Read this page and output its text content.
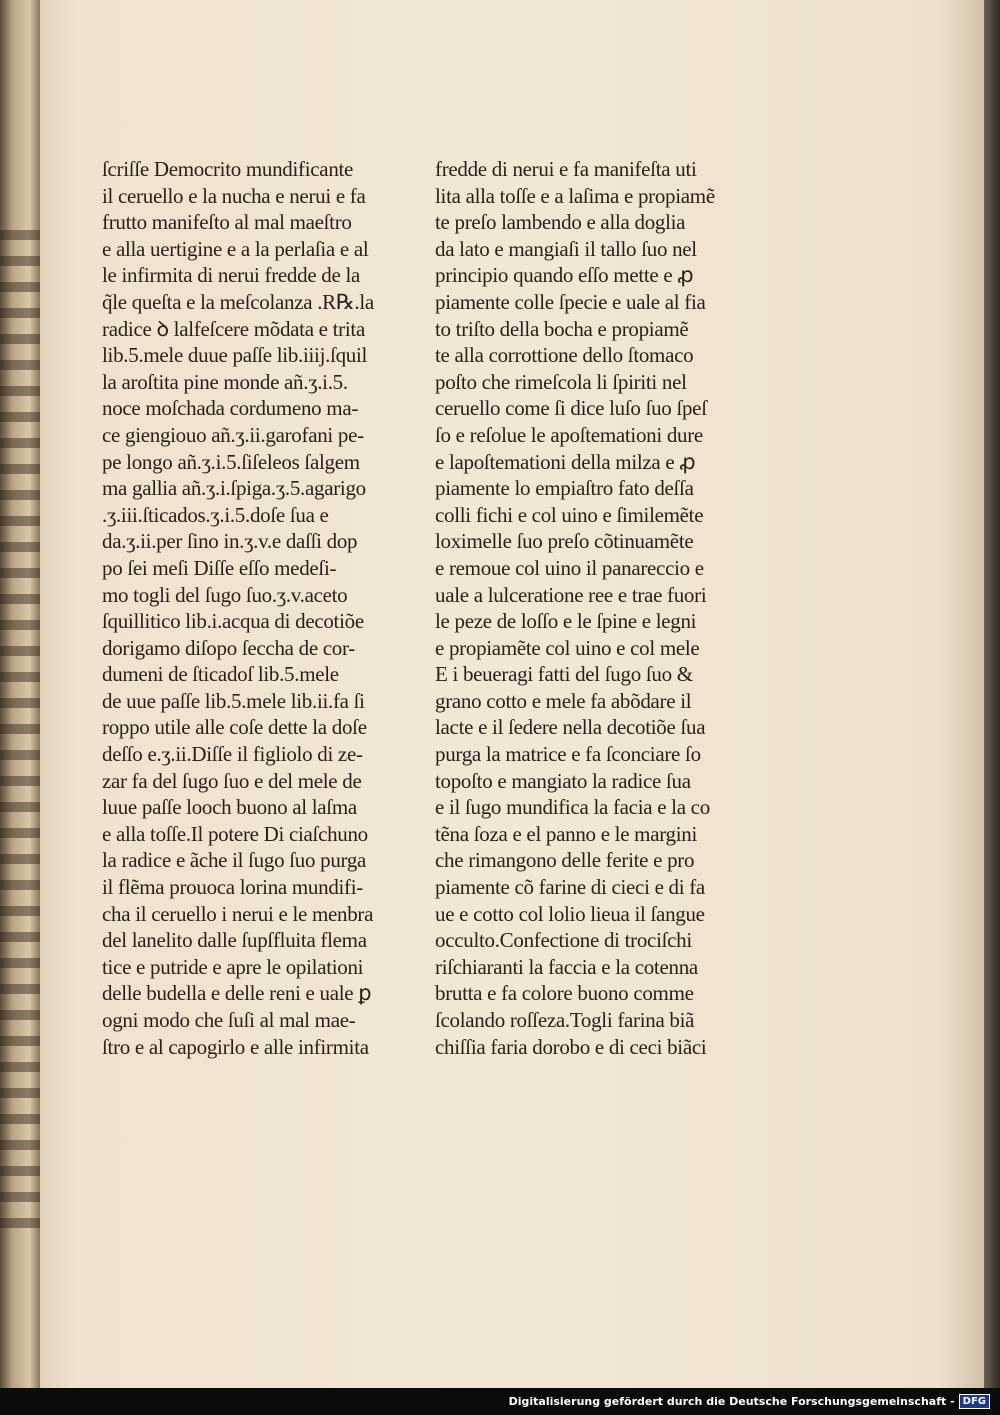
ſcriſſe Democrito mundificante
il ceruello e la nucha e nerui e fa
frutto manifeſto al mal maeſtro
e alla uertigine e a la perlaſia e al
le infirmita di nerui fredde de la
q̃le queſta e la meſcolanza .R℞.la
radice ꝺ lalfeſcere mõdata e trita
lib.5.mele duue paſſe lib.iiij.ſquil
la aroſtita pine monde añ.ʒ.i.5.
noce moſchada cordumeno ma-
ce giengiouo añ.ʒ.ii.garofani pe-
pe longo añ.ʒ.i.5.ſiſeleos ſalgem
ma gallia añ.ʒ.i.ſpiga.ʒ.5.agarigo
.ʒ.iii.ſticados.ʒ.i.5.doſe ſua e
da.ʒ.ii.per ſino in.ʒ.v.e daſſi dop
po ſei meſi Diſſe eſſo medeſi-
mo togli del ſugo ſuo.ʒ.v.aceto
ſquillitico lib.i.acqua di decotiõe
dorigamo diſopo ſeccha de cor-
dumeni de ſticadoſ lib.5.mele
de uue paſſe lib.5.mele lib.ii.fa ſi
roppo utile alle coſe dette la doſe
deſſo e.ʒ.ii.Diſſe il figliolo di ze-
zar fa del ſugo ſuo e del mele de
luue paſſe looch buono al laſma
e alla toſſe.Il potere Di ciaſchuno
la radice e ãche il ſugo ſuo purga
il flẽma prouoca lorina mundifi-
cha il ceruello i nerui e le menbra
del lanelito dalle ſupſfluita flema
tice e putride e apre le opilationi
delle budella e delle reni e uale ꝑ
ogni modo che ſuſi al mal mae-
ſtro e al capogirlo e alle infirmita
fredde di nerui e fa manifeſta uti
lita alla toſſe e a laſima e propiamẽ
te preſo lambendo e alla doglia
da lato e mangiaſi il tallo ſuo nel
principio quando eſſo mette e ꝓ
piamente colle ſpecie e uale al fia
to triſto della bocha e propiamẽ
te alla corrottione dello ſtomaco
poſto che rimeſcola li ſpiriti nel
ceruello come ſi dice luſo ſuo ſpeſ
ſo e reſolue le apoſtemationi dure
e lapoſtemationi della milza e ꝓ
piamente lo empiaſtro fato deſſa
colli fichi e col uino e ſimilemẽte
loximelle ſuo preſo cõtinuamẽte
e remoue col uino il panareccio e
uale a lulceratione ree e trae fuori
le peze de loſſo e le ſpine e legni
e propiamẽte col uino e col mele
E i beueragi fatti del ſugo ſuo &
grano cotto e mele fa abõdare il
lacte e il ſedere nella decotiõe ſua
purga la matrice e fa ſconciare ſo
topoſto e mangiato la radice ſua
e il ſugo mundifica la facia e la co
tẽna ſoza e el panno e le margini
che rimangono delle ferite e pro
piamente cõ farine di cieci e di fa
ue e cotto col lolio lieua il ſangue
occulto.Confectione di trociſchi
riſchiaranti la faccia e la cotenna
brutta e fa colore buono comme
ſcolando roſſeza.Togli farina biã
chiſſia faria dorobo e di ceci biãci
Digitalisierung gefördert durch die Deutsche Forschungsgemeinschaft - DFG
